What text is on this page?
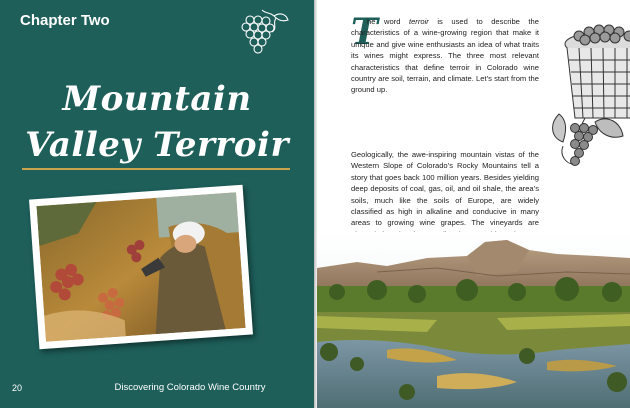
Chapter Two
Mountain
Valley Terroir
20	Discovering Colorado Wine Country
T
he word terroir is used to describe the characteristics of a wine-growing region that make it unique and give wine enthusiasts an idea of what traits its wines might express. The three most relevant characteristics that define terroir in Colorado wine country are soil, terrain, and climate. Let’s start from the ground up.
Geologically, the awe-inspiring mountain vistas of the Western Slope of Colorado’s Rocky Mountains tell a story that goes back 100 million years. Besides yielding deep deposits of coal, gas, oil, and oil shale, the area’s soils, much like the soils of Europe, are widely classified as high in alkaline and conducive in many areas to growing wine grapes. The vineyards are
